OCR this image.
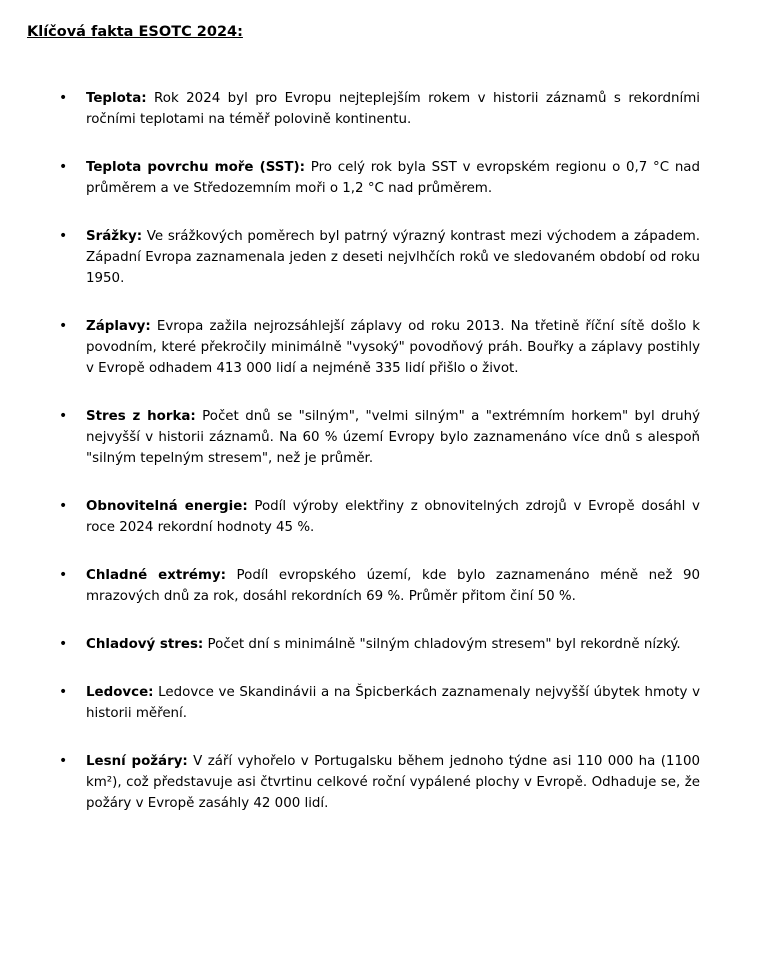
Klíčová fakta ESOTC 2024:

• Teplota: Rok 2024 byl pro Evropu nejteplejším rokem v historii záznamů s rekordními ročními teplotami na téměř polovině kontinentu.

• Teplota povrchu moře (SST): Pro celý rok byla SST v evropském regionu o 0,7 °C nad průměrem a ve Středozemním moři o 1,2 °C nad průměrem.

• Srážky: Ve srážkových poměrech byl patrný výrazný kontrast mezi východem a západem. Západní Evropa zaznamenala jeden z deseti nejvlhčích roků ve sledovaném období od roku 1950.

• Záplavy: Evropa zažila nejrozsáhlejší záplavy od roku 2013. Na třetině říční sítě došlo k povodním, které překročily minimálně "vysoký" povodňový práh. Bouřky a záplavy postihly v Evropě odhadem 413 000 lidí a nejméně 335 lidí přišlo o život.

• Stres z horka: Počet dnů se "silným", "velmi silným" a "extrémním horkem" byl druhý nejvyšší v historii záznamů. Na 60 % území Evropy bylo zaznamenáno více dnů s alespoň "silným tepelným stresem", než je průměr.

• Obnovitelná energie: Podíl výroby elektřiny z obnovitelných zdrojů v Evropě dosáhl v roce 2024 rekordní hodnoty 45 %.

• Chladné extrémy: Podíl evropského území, kde bylo zaznamenáno méně než 90 mrazových dnů za rok, dosáhl rekordních 69 %. Průměr přitom činí 50 %.

• Chladový stres: Počet dní s minimálně "silným chladovým stresem" byl rekordně nízký.

• Ledovce: Ledovce ve Skandinávii a na Špicberkách zaznamenaly nejvyšší úbytek hmoty v historii měření.

• Lesní požáry: V září vyhořelo v Portugalsku během jednoho týdne asi 110 000 ha (1100 km²), což představuje asi čtvrtinu celkové roční vypálené plochy v Evropě. Odhaduje se, že požáry v Evropě zasáhly 42 000 lidí.
